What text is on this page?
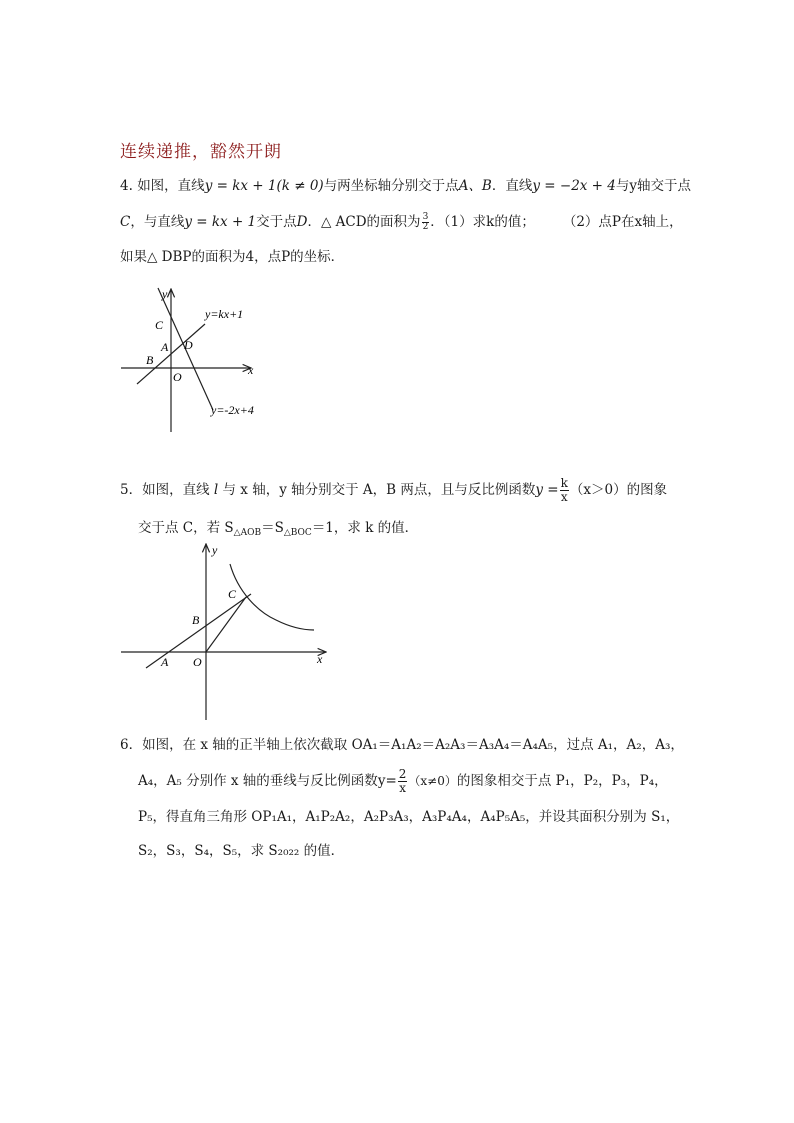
连续递推，豁然开朗
4. 如图，直线y = kx + 1(k ≠ 0)与两坐标轴分别交于点A、B．直线y = −2x + 4与y轴交于点
C，与直线y = kx + 1交于点D．△ ACD的面积为 $\frac{3}{2}$ ．（1）求k的值； （2）点P在x轴上，
如果△ DBP的面积为4，点P的坐标．
y
x
C
A
B
D
O
y=kx+1
y=-2x+4
5．如图，直线 l 与 x 轴，y 轴分别交于 A，B 两点，且与反比例函数$y = \frac{k}{x} (x>0)$的图象
交于点 C，若 $S_{\triangle AOB}=S_{\triangle BOC}=1$，求 k 的值．
y
x
C
B
A O
6．如图，在 x 轴的正半轴上依次截取 OA₁＝A₁A₂＝A₂A₃＝A₃A₄＝A₄A₅，过点 A₁，A₂，A₃，
A₄，A₅ 分别作 x 轴的垂线与反比例函数$y= \frac{2}{x} (x\ne 0)$的图象相交于点 P₁，P₂，P₃，P₄，
P₅，得直角三角形 OP₁A₁，A₁P₂A₂，A₂P₃A₃，A₃P₄A₄，A₄P₅A₅，并设其面积分别为 S₁，
S₂，S₃，S₄，S₅，求 S₂₀₂₂ 的值．
